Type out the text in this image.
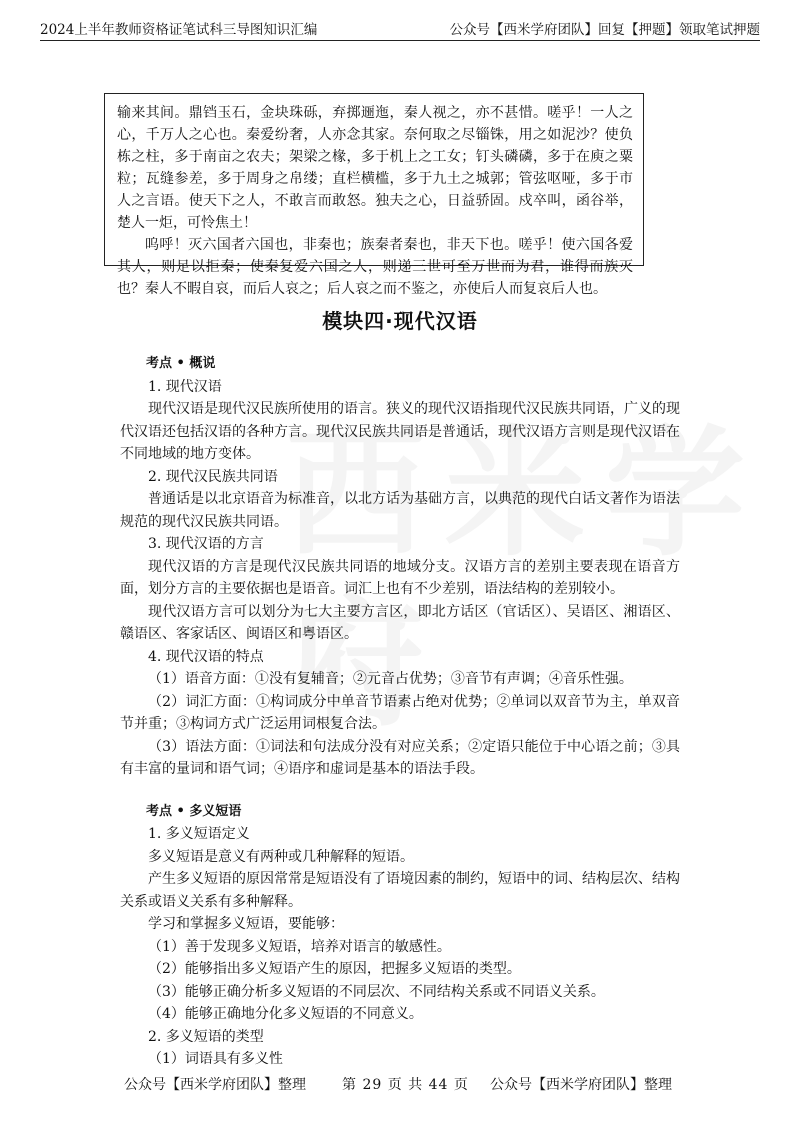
2024上半年教师资格证笔试科三导图知识汇编	公众号【西米学府团队】回复【押题】领取笔试押题

输来其间。鼎铛玉石，金块珠砾，弃掷逦迤，秦人视之，亦不甚惜。嗟乎！一人之心，千万人之心也。秦爱纷奢，人亦念其家。奈何取之尽锱铢，用之如泥沙？使负栋之柱，多于南亩之农夫；架梁之椽，多于机上之工女；钉头磷磷，多于在庾之粟粒；瓦缝参差，多于周身之帛缕；直栏横槛，多于九土之城郭；管弦呕哑，多于市人之言语。使天下之人，不敢言而敢怒。独夫之心，日益骄固。戍卒叫，函谷举，楚人一炬，可怜焦土！

呜呼！灭六国者六国也，非秦也；族秦者秦也，非天下也。嗟乎！使六国各爱其人，则足以拒秦；使秦复爱六国之人，则递三世可至万世而为君，谁得而族灭也？秦人不暇自哀，而后人哀之；后人哀之而不鉴之，亦使后人而复哀后人也。

模块四·现代汉语

考点 • 概说

1. 现代汉语

现代汉语是现代汉民族所使用的语言。狭义的现代汉语指现代汉民族共同语，广义的现代汉语还包括汉语的各种方言。现代汉民族共同语是普通话，现代汉语方言则是现代汉语在不同地域的地方变体。

2. 现代汉民族共同语

普通话是以北京语音为标准音，以北方话为基础方言，以典范的现代白话文著作为语法规范的现代汉民族共同语。

3. 现代汉语的方言

现代汉语的方言是现代汉民族共同语的地域分支。汉语方言的差别主要表现在语音方面，划分方言的主要依据也是语音。词汇上也有不少差别，语法结构的差别较小。

现代汉语方言可以划分为七大主要方言区，即北方话区（官话区）、吴语区、湘语区、赣语区、客家话区、闽语区和粤语区。

4. 现代汉语的特点

（1）语音方面：①没有复辅音；②元音占优势；③音节有声调；④音乐性强。

（2）词汇方面：①构词成分中单音节语素占绝对优势；②单词以双音节为主，单双音节并重；③构词方式广泛运用词根复合法。

（3）语法方面：①词法和句法成分没有对应关系；②定语只能位于中心语之前；③具有丰富的量词和语气词；④语序和虚词是基本的语法手段。

考点 • 多义短语

1. 多义短语定义

多义短语是意义有两种或几种解释的短语。

产生多义短语的原因常常是短语没有了语境因素的制约，短语中的词、结构层次、结构关系或语义关系有多种解释。

学习和掌握多义短语，要能够：

（1）善于发现多义短语，培养对语言的敏感性。

（2）能够指出多义短语产生的原因，把握多义短语的类型。

（3）能够正确分析多义短语的不同层次、不同结构关系或不同语义关系。

（4）能够正确地分化多义短语的不同意义。

2. 多义短语的类型

（1）词语具有多义性

公众号【西米学府团队】整理	第 29 页 共 44 页 公众号【西米学府团队】整理
